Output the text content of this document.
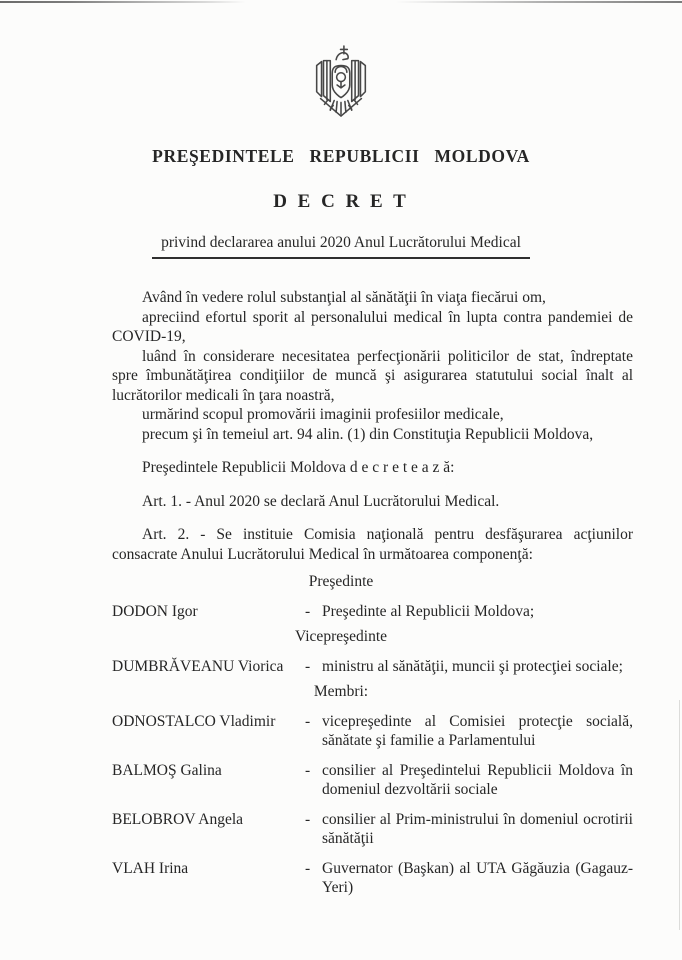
PREŞEDINTELE REPUBLICII MOLDOVA
D E C R E T
privind declararea anului 2020 Anul Lucrătorului Medical

Având în vedere rolul substanţial al sănătăţii în viaţa fiecărui om,

apreciind efortul sporit al personalului medical în lupta contra pandemiei de COVID-19,

luând în considerare necesitatea perfecţionării politicilor de stat, îndreptate spre îmbunătăţirea condiţiilor de muncă şi asigurarea statutului social înalt al lucrătorilor medicali în ţara noastră,

urmărind scopul promovării imaginii profesiilor medicale,

precum şi în temeiul art. 94 alin. (1) din Constituţia Republicii Moldova,

Preşedintele Republicii Moldova d e c r e t e a z ă:

Art. 1. - Anul 2020 se declară Anul Lucrătorului Medical.

Art. 2. - Se instituie Comisia naţională pentru desfăşurarea acţiunilor consacrate Anului Lucrătorului Medical în următoarea componenţă:

Preşedinte
DODON Igor	- Preşedinte al Republicii Moldova;
Vicepreşedinte
DUMBRĂVEANU Viorica	- ministru al sănătăţii, muncii şi protecţiei sociale;
Membri:
ODNOSTALCO Vladimir	- vicepreşedinte al Comisiei protecţie socială, sănătate şi familie a Parlamentului
BALMOŞ Galina	- consilier al Preşedintelui Republicii Moldova în domeniul dezvoltării sociale
BELOBROV Angela	- consilier al Prim-ministrului în domeniul ocrotirii sănătăţii
VLAH Irina	- Guvernator (Başkan) al UTA Găgăuzia (Gagauz-Yeri)
